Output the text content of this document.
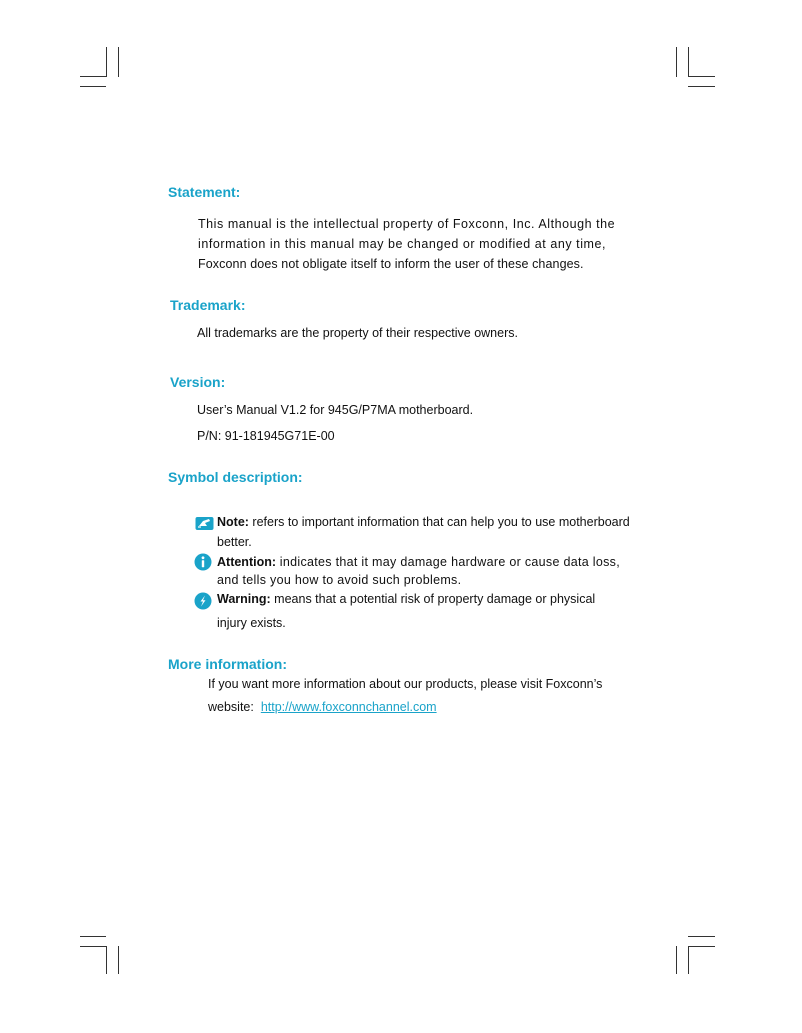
Statement:
This manual is the intellectual property of Foxconn, Inc. Although the
information in this manual may be changed or modified at any time,
Foxconn does not obligate itself to inform the user of these changes.
Trademark:
All trademarks are the property of their respective owners.
Version:
User’s Manual V1.2 for 945G/P7MA motherboard.
P/N: 91-181945G71E-00
Symbol description:
Note: refers to important information that can help you to use motherboard
better.
Attention: indicates that it may damage hardware or cause data loss,
and tells you how to avoid such problems.
Warning: means that a potential risk of property damage or physical
injury exists.
More information:
If you want more information about our products, please visit Foxconn’s
website:  http://www.foxconnchannel.com
